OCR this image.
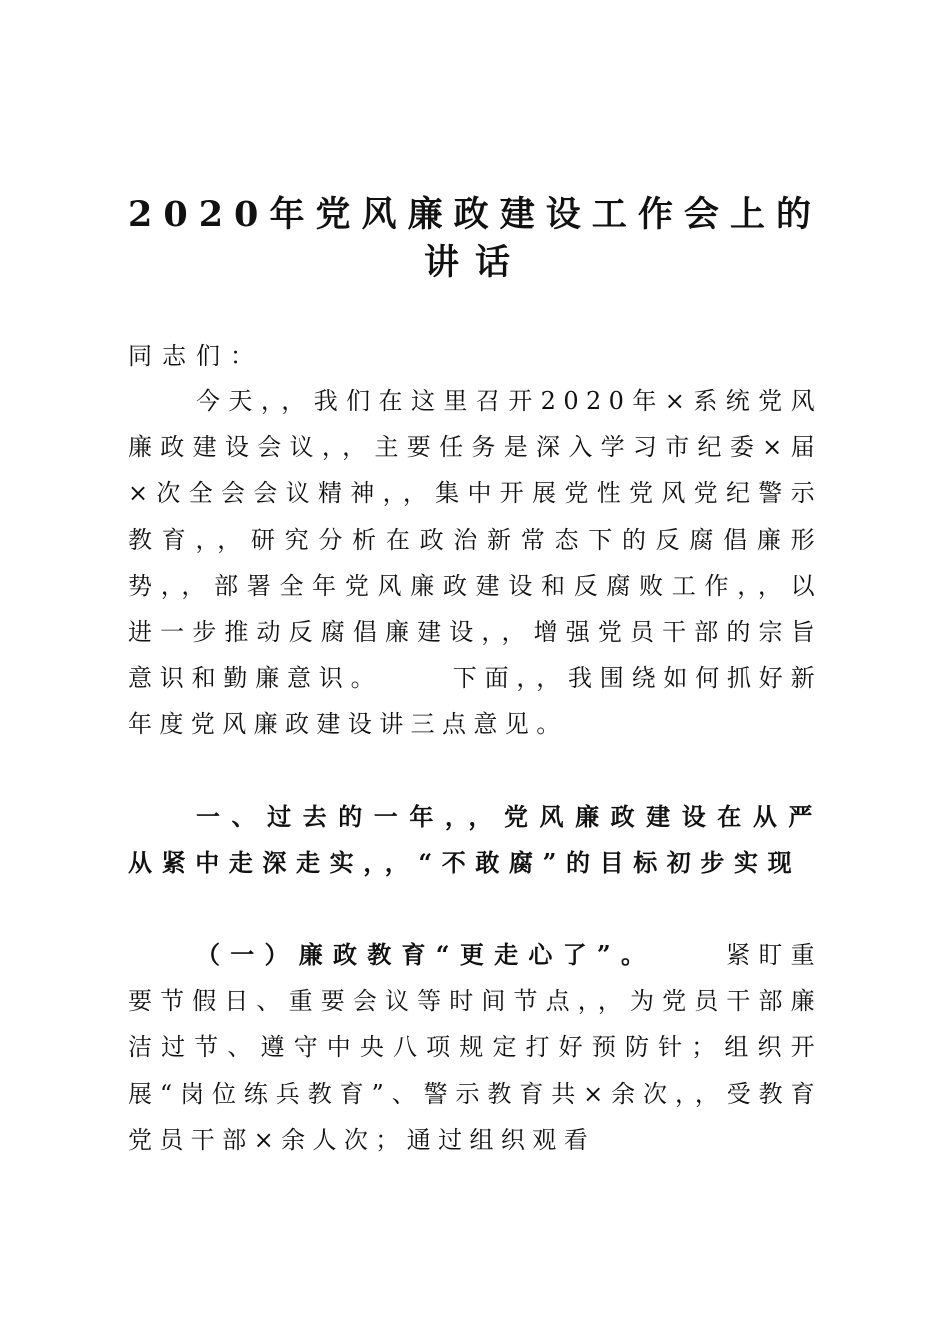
2020年党风廉政建设工作会上的
讲话

同志们：

今天，，我们在这里召开2020年×系统党风廉政建设会议，，主要任务是深入学习市纪委×届×次全会会议精神，，集中开展党性党风党纪警示教育，，研究分析在政治新常态下的反腐倡廉形势，，部署全年党风廉政建设和反腐败工作，，以进一步推动反腐倡廉建设，，增强党员干部的宗旨意识和勤廉意识。	下面，，我围绕如何抓好新年度党风廉政建设讲三点意见。

一、过去的一年，，党风廉政建设在从严从紧中走深走实，，“不敢腐”的目标初步实现

（一）廉政教育“更走心了”。	紧盯重要节假日、重要会议等时间节点，，为党员干部廉洁过节、遵守中央八项规定打好预防针；组织开展“岗位练兵教育”、警示教育共×余次，，受教育党员干部×余人次；通过组织观看
